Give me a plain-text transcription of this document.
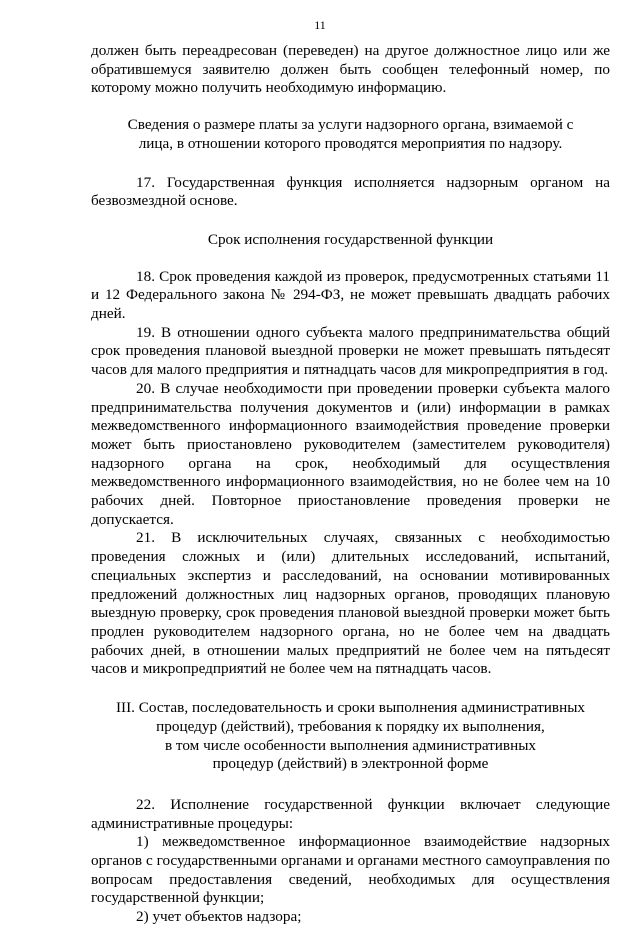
11

должен быть переадресован (переведен) на другое должностное лицо или же обратившемуся заявителю должен быть сообщен телефонный номер, по которому можно получить необходимую информацию.

Сведения о размере платы за услуги надзорного органа, взимаемой с
лица, в отношении которого проводятся мероприятия по надзору.

17. Государственная функция исполняется надзорным органом на безвозмездной основе.

Срок исполнения государственной функции

18. Срок проведения каждой из проверок, предусмотренных статьями 11 и 12 Федерального закона № 294-ФЗ, не может превышать двадцать рабочих дней.

19. В отношении одного субъекта малого предпринимательства общий срок проведения плановой выездной проверки не может превышать пятьдесят часов для малого предприятия и пятнадцать часов для микропредприятия в год.

20. В случае необходимости при проведении проверки субъекта малого предпринимательства получения документов и (или) информации в рамках межведомственного информационного взаимодействия проведение проверки может быть приостановлено руководителем (заместителем руководителя) надзорного органа на срок, необходимый для осуществления межведомственного информационного взаимодействия, но не более чем на 10 рабочих дней. Повторное приостановление проведения проверки не допускается.

21. В исключительных случаях, связанных с необходимостью проведения сложных и (или) длительных исследований, испытаний, специальных экспертиз и расследований, на основании мотивированных предложений должностных лиц надзорных органов, проводящих плановую выездную проверку, срок проведения плановой выездной проверки может быть продлен руководителем надзорного органа, но не более чем на двадцать рабочих дней, в отношении малых предприятий не более чем на пятьдесят часов и микропредприятий не более чем на пятнадцать часов.

III. Состав, последовательность и сроки выполнения административных
процедур (действий), требования к порядку их выполнения,
в том числе особенности выполнения административных
процедур (действий) в электронной форме

22. Исполнение государственной функции включает следующие административные процедуры:

1) межведомственное информационное взаимодействие надзорных органов с государственными органами и органами местного самоуправления по вопросам предоставления сведений, необходимых для осуществления государственной функции;

2) учет объектов надзора;
